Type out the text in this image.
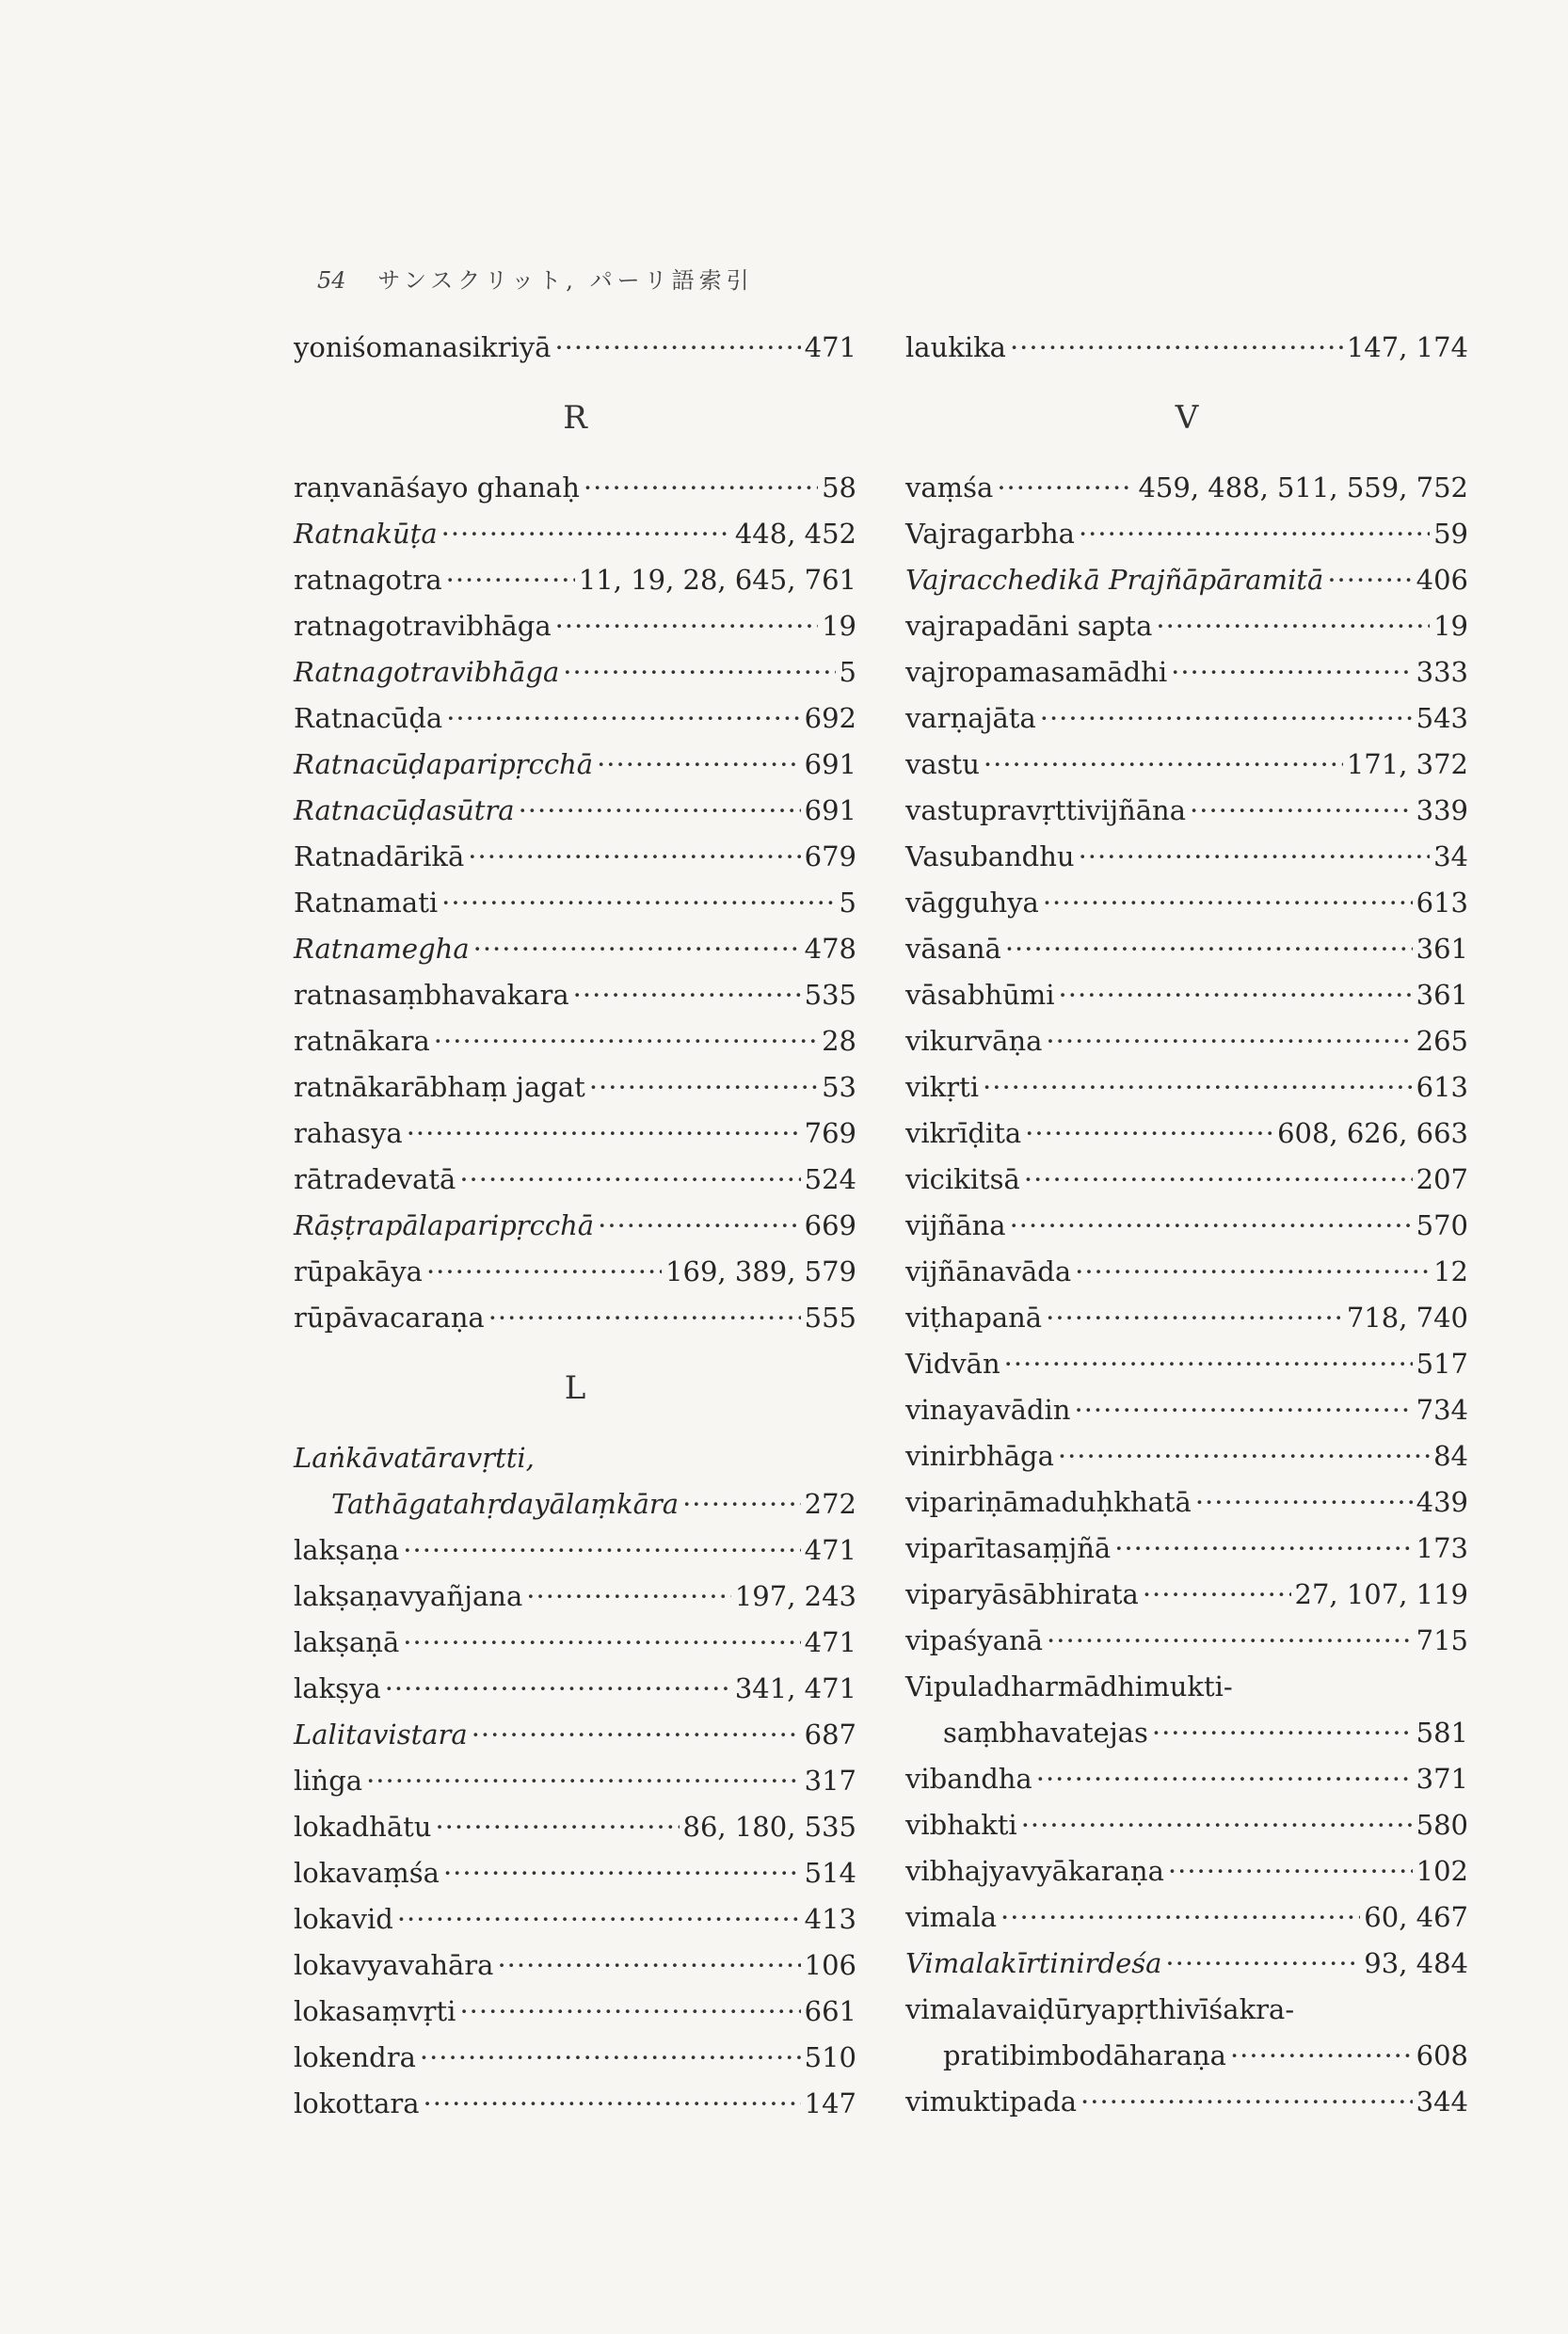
54 サンスクリット, パーリ語索引
yoniśomanasikriyā ·····	471
R
raṇvanāśayo ghanaḥ ·····	58
Ratnakūṭa ·····	448, 452
ratnagotra ·····	11, 19, 28, 645, 761
ratnagotravibhāga ·····	19
Ratnagotravibhāga ·····	5
Ratnacūḍa ·····	692
Ratnacūḍaparipṛcchā ·····	691
Ratnacūḍasūtra ·····	691
Ratnadārikā ·····	679
Ratnamati ·····	5
Ratnamegha ·····	478
ratnasaṃbhavakara ·····	535
ratnākara ·····	28
ratnākarābhaṃ jagat ·····	53
rahasya ·····	769
rātradevatā ·····	524
Rāṣṭrapālaparipṛcchā ·····	669
rūpakāya ·····	169, 389, 579
rūpāvacaraṇa ·····	555
L
Laṅkāvatāravṛtti,
Tathāgatahṛdayālaṃkāra ·····	272
lakṣaṇa ·····	471
lakṣaṇavyañjana ·····	197, 243
lakṣaṇā ·····	471
lakṣya ·····	341, 471
Lalitavistara ·····	687
liṅga ·····	317
lokadhātu ·····	86, 180, 535
lokavaṃśa ·····	514
lokavid ·····	413
lokavyavahāra ·····	106
lokasaṃvṛti ·····	661
lokendra ·····	510
lokottara ·····	147
laukika ·····	147, 174
V
vaṃśa ·····	459, 488, 511, 559, 752
Vajragarbha ·····	59
Vajracchedikā Prajñāpāramitā ·····	406
vajrapadāni sapta ·····	19
vajropamasamādhi ·····	333
varṇajāta ·····	543
vastu ·····	171, 372
vastupravṛttivijñāna ·····	339
Vasubandhu ·····	34
vāgguhya ·····	613
vāsanā ·····	361
vāsabhūmi ·····	361
vikurvāṇa ·····	265
vikṛti ·····	613
vikrīḍita ·····	608, 626, 663
vicikitsā ·····	207
vijñāna ·····	570
vijñānavāda ·····	12
viṭhapanā ·····	718, 740
Vidvān ·····	517
vinayavādin ·····	734
vinirbhāga ·····	84
vipariṇāmaduḥkhatā ·····	439
viparītasaṃjñā ·····	173
viparyāsābhirata ·····	27, 107, 119
vipaśyanā ·····	715
Vipuladharmādhimukti-
saṃbhavatejas ·····	581
vibandha ·····	371
vibhakti ·····	580
vibhajyavyākaraṇa ·····	102
vimala ·····	60, 467
Vimalakīrtinirdeśa ·····	93, 484
vimalavaiḍūryapṛthivīśakra-
pratibimbodāharaṇa ·····	608
vimuktipada ·····	344
